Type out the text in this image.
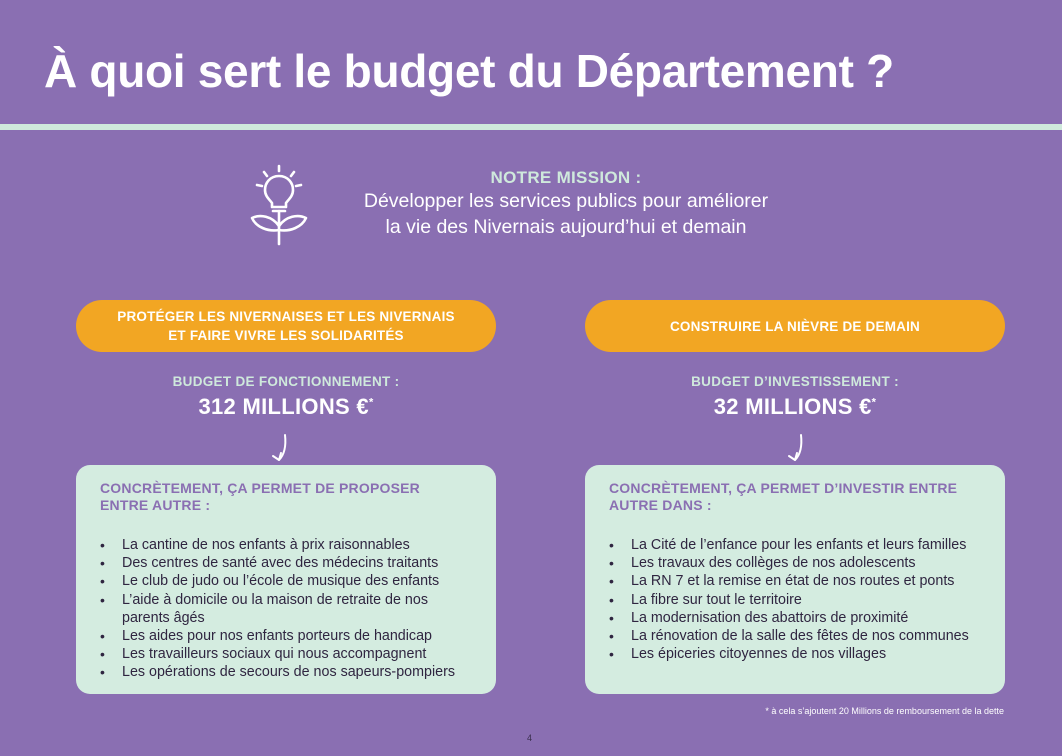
À quoi sert le budget du Département ?
NOTRE MISSION :
Développer les services publics pour améliorer
la vie des Nivernais aujourd’hui et demain
PROTÉGER LES NIVERNAISES ET LES NIVERNAIS
ET FAIRE VIVRE LES SOLIDARITÉS
BUDGET DE FONCTIONNEMENT :
312 MILLIONS €*
CONCRÈTEMENT, ÇA PERMET DE PROPOSER
ENTRE AUTRE :
• La cantine de nos enfants à prix raisonnables
• Des centres de santé avec des médecins traitants
• Le club de judo ou l’école de musique des enfants
• L’aide à domicile ou la maison de retraite de nos parents âgés
• Les aides pour nos enfants porteurs de handicap
• Les travailleurs sociaux qui nous accompagnent
• Les opérations de secours de nos sapeurs-pompiers
CONSTRUIRE LA NIÈVRE DE DEMAIN
BUDGET D’INVESTISSEMENT :
32 MILLIONS €*
CONCRÈTEMENT, ÇA PERMET D’INVESTIR ENTRE
AUTRE DANS :
• La Cité de l’enfance pour les enfants et leurs familles
• Les travaux des collèges de nos adolescents
• La RN 7 et la remise en état de nos routes et ponts
• La fibre sur tout le territoire
• La modernisation des abattoirs de proximité
• La rénovation de la salle des fêtes de nos communes
• Les épiceries citoyennes de nos villages
* à cela s’ajoutent 20 Millions de remboursement de la dette
4
